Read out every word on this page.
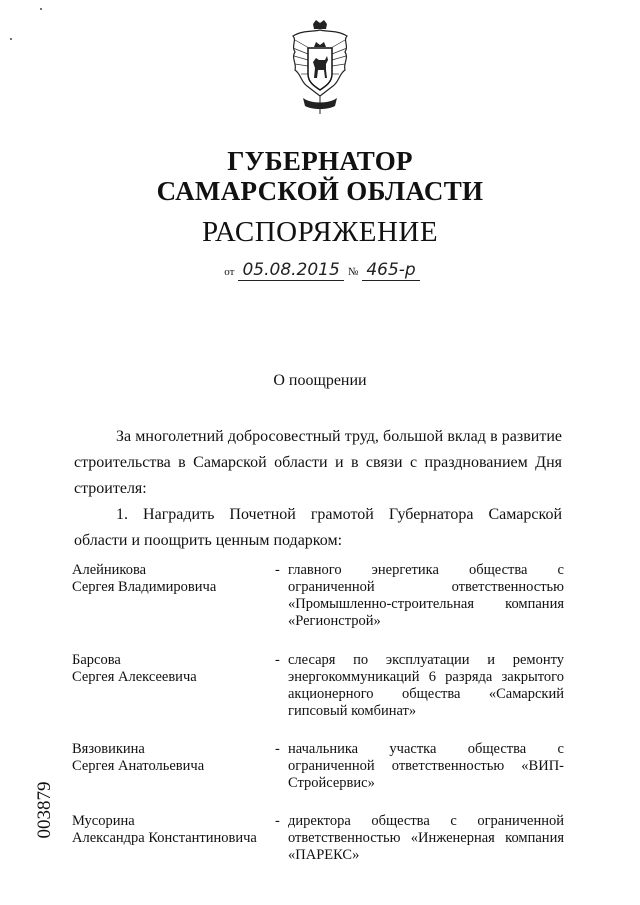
ГУБЕРНАТОР
САМАРСКОЙ ОБЛАСТИ
РАСПОРЯЖЕНИЕ
от 05.08.2015 № 465-р
О поощрении
За многолетний добросовестный труд, большой вклад в развитие строительства в Самарской области и в связи с празднованием Дня строителя:
1. Наградить Почетной грамотой Губернатора Самарской области и поощрить ценным подарком:
Алейникова
Сергея Владимировича
- главного энергетика общества с ограниченной ответственностью «Промышленно-строительная компания «Регионстрой»
Барсова
Сергея Алексеевича
- слесаря по эксплуатации и ремонту энергокоммуникаций 6 разряда закрытого акционерного общества «Самарский гипсовый комбинат»
Вязовикина
Сергея Анатольевича
- начальника участка общества с ограниченной ответственностью «ВИП-Стройсервис»
Мусорина
Александра Константиновича
- директора общества с ограниченной ответственностью «Инженерная компания «ПАРЕКС»
003879
